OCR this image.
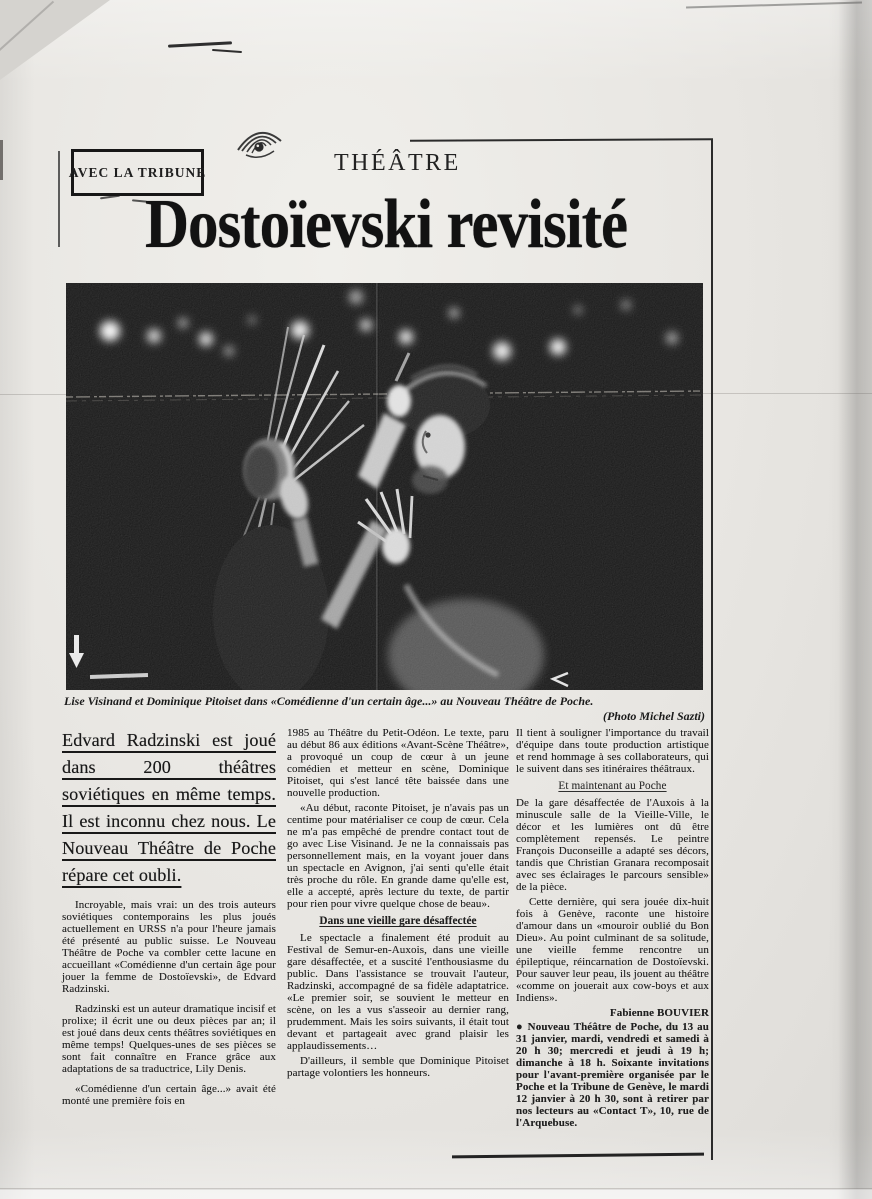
AVEC LA TRIBUNE	THÉÂTRE
Dostoïevski revisité
Lise Visinand et Dominique Pitoiset dans «Comédienne d'un certain âge...» au Nouveau Théâtre de Poche.
(Photo Michel Sazti)
Edvard Radzinski est joué dans 200 théâtres soviétiques en même temps. Il est inconnu chez nous. Le Nouveau Théâtre de Poche répare cet oubli.

Incroyable, mais vrai: un des trois auteurs soviétiques contemporains les plus joués actuellement en URSS n'a pour l'heure jamais été présenté au public suisse. Le Nouveau Théâtre de Poche va combler cette lacune en accueillant «Comédienne d'un certain âge pour jouer la femme de Dostoïevski», de Edvard Radzinski.

Radzinski est un auteur dramatique incisif et prolixe; il écrit une ou deux pièces par an; il est joué dans deux cents théâtres soviétiques en même temps! Quelques-unes de ses pièces se sont fait connaître en France grâce aux adaptations de sa traductrice, Lily Denis.

«Comédienne d'un certain âge...» avait été monté une première fois en

1985 au Théâtre du Petit-Odéon. Le texte, paru au début 86 aux éditions «Avant-Scène Théâtre», a provoqué un coup de cœur à un jeune comédien et metteur en scène, Dominique Pitoiset, qui s'est lancé tête baissée dans une nouvelle production.

«Au début, raconte Pitoiset, je n'avais pas un centime pour matérialiser ce coup de cœur. Cela ne m'a pas empêché de prendre contact tout de go avec Lise Visinand. Je ne la connaissais pas personnellement mais, en la voyant jouer dans un spectacle en Avignon, j'ai senti qu'elle était très proche du rôle. En grande dame qu'elle est, elle a accepté, après lecture du texte, de partir pour rien pour vivre quelque chose de beau».

Dans une vieille gare désaffectée

Le spectacle a finalement été produit au Festival de Semur-en-Auxois, dans une vieille gare désaffectée, et a suscité l'enthousiasme du public. Dans l'assistance se trouvait l'auteur, Radzinski, accompagné de sa fidèle adaptatrice. «Le premier soir, se souvient le metteur en scène, on les a vus s'asseoir au dernier rang, prudemment. Mais les soirs suivants, il était tout devant et partageait avec grand plaisir les applaudissements…

D'ailleurs, il semble que Dominique Pitoiset partage volontiers les honneurs.

Il tient à souligner l'importance du travail d'équipe dans toute production artistique et rend hommage à ses collaborateurs, qui le suivent dans ses itinéraires théâtraux.

Et maintenant au Poche

De la gare désaffectée de l'Auxois à la minuscule salle de la Vieille-Ville, le décor et les lumières ont dû être complètement repensés. Le peintre François Duconseille a adapté ses décors, tandis que Christian Granara recomposait avec ses éclairages le parcours sensible» de la pièce.

Cette dernière, qui sera jouée dix-huit fois à Genève, raconte une histoire d'amour dans un «mouroir oublié du Bon Dieu». Au point culminant de sa solitude, une vieille femme rencontre un épileptique, réincarnation de Dostoïevski. Pour sauver leur peau, ils jouent au théâtre «comme on jouerait aux cow-boys et aux Indiens».

Fabienne BOUVIER

● Nouveau Théâtre de Poche, du 13 au 31 janvier, mardi, vendredi et samedi à 20 h 30; mercredi et jeudi à 19 h; dimanche à 18 h. Soixante invitations pour l'avant-première organisée par le Poche et la Tribune de Genève, le mardi 12 janvier à 20 h 30, sont à retirer par nos lecteurs au «Contact T», 10, rue de l'Arquebuse.
